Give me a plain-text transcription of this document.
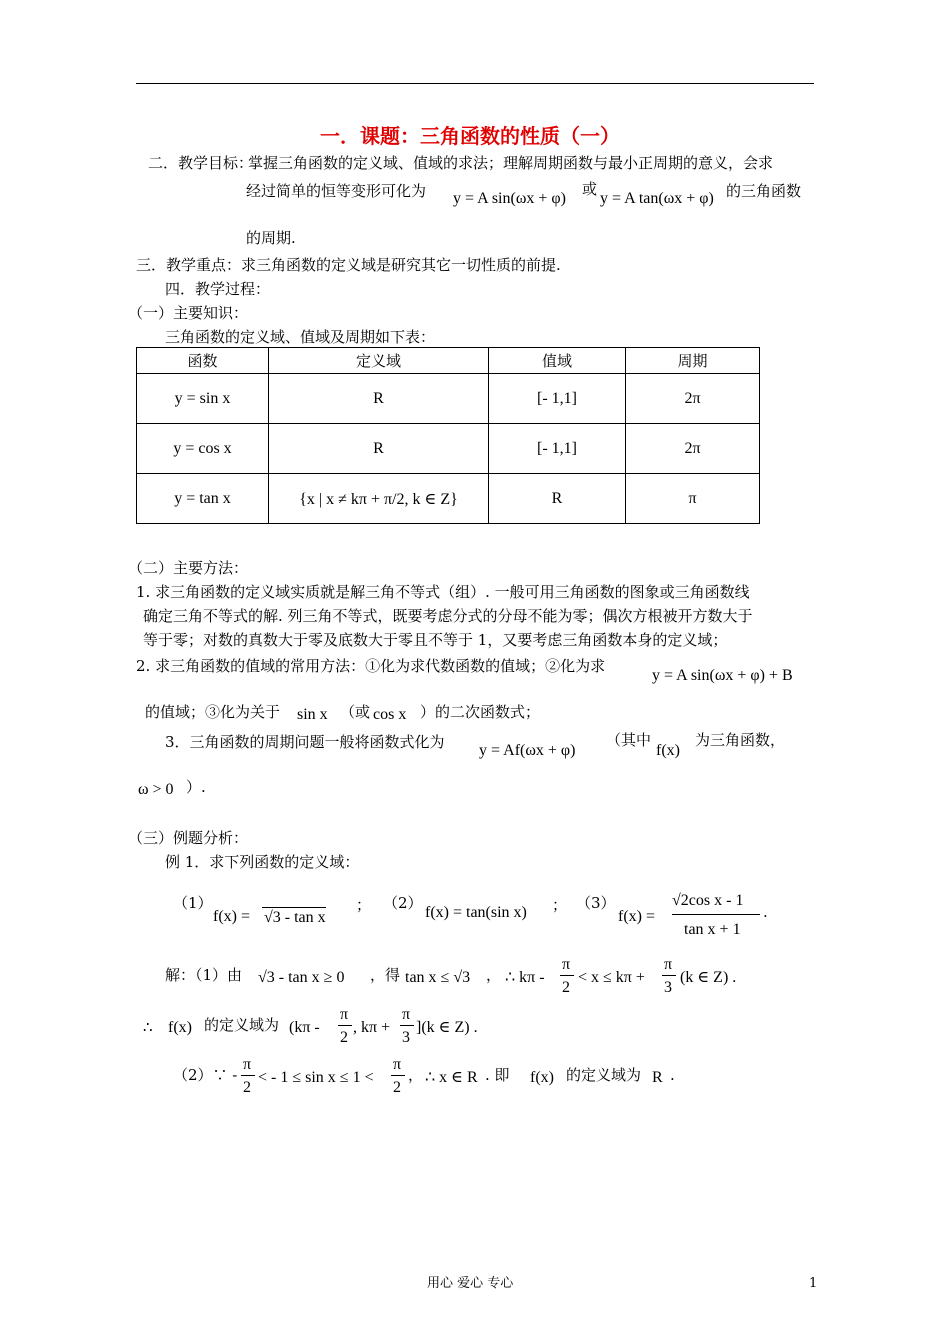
一．课题：三角函数的性质（一）
二．教学目标：
掌握三角函数的定义域、值域的求法；理解周期函数与最小正周期的意义，会求
经过简单的恒等变形可化为 y = A sin(ωx + φ)
或
y = A tan(ωx + φ) 的三角函数
的周期.
三．教学重点：求三角函数的定义域是研究其它一切性质的前提.
四．教学过程：
（一）主要知识：
三角函数的定义域、值域及周期如下表：
函数	定义域	值域	周期
y = sin x	R	[- 1,1]	2π
y = cos x	R	[- 1,1]	2π
y = tan x	{x | x ≠ kπ + π/2, k ∈ Z}	R	π
（二）主要方法：
1. 求三角函数的定义域实质就是解三角不等式（组）. 一般可用三角函数的图象或三角函数线
确定三角不等式的解. 列三角不等式，既要考虑分式的分母不能为零；偶次方根被开方数大于
等于零；对数的真数大于零及底数大于零且不等于 1，又要考虑三角函数本身的定义域；
2. 求三角函数的值域的常用方法：①化为求代数函数的值域；②化为求
y = A sin(ωx + φ) + B
的值域；③化为关于 sin x （或 cos x ）的二次函数式；
3．三角函数的周期问题一般将函数式化为 y = Af(ωx + φ)
（其中
f(x)
为三角函数，
ω > 0 ）.
（三）例题分析：
例 1．求下列函数的定义域：
（1）
f(x) = √3 - tan x
； （2）
f(x) = tan(sin x) ； （3）
f(x) =
√2cos x - 1
tan x + 1
.
解：（1）由 √3 - tan x ≥ 0 ，得 tan x ≤ √3 ， ∴ kπ -
π
2
< x ≤ kπ +
π
3
(k ∈ Z) .
∴ f(x) 的定义域为 (kπ -
π
2
, kπ +
π
3
](k ∈ Z) .
（2）∵ -
π
2
< - 1 ≤ sin x ≤ 1 <
π
2
， ∴ x ∈ R . 即 f(x) 的定义域为 R .
用心 爱心 专心	1
